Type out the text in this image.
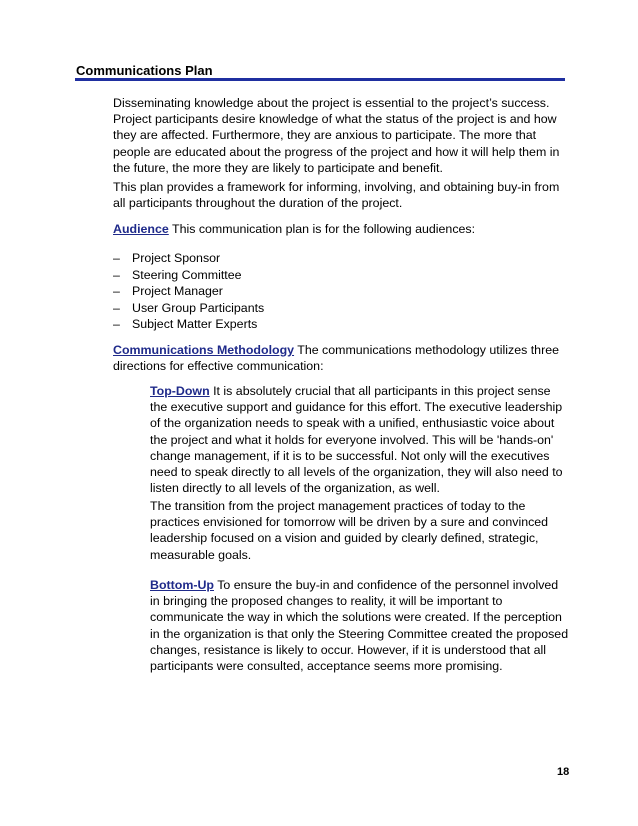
Communications Plan

Disseminating knowledge about the project is essential to the project’s success. Project participants desire knowledge of what the status of the project is and how they are affected. Furthermore, they are anxious to participate. The more that people are educated about the progress of the project and how it will help them in the future, the more they are likely to participate and benefit.

This plan provides a framework for informing, involving, and obtaining buy-in from all participants throughout the duration of the project.

Audience This communication plan is for the following audiences:

– Project Sponsor
– Steering Committee
– Project Manager
– User Group Participants
– Subject Matter Experts

Communications Methodology The communications methodology utilizes three directions for effective communication:

Top-Down It is absolutely crucial that all participants in this project sense the executive support and guidance for this effort. The executive leadership of the organization needs to speak with a unified, enthusiastic voice about the project and what it holds for everyone involved. This will be 'hands-on' change management, if it is to be successful. Not only will the executives need to speak directly to all levels of the organization, they will also need to listen directly to all levels of the organization, as well.

The transition from the project management practices of today to the practices envisioned for tomorrow will be driven by a sure and convinced leadership focused on a vision and guided by clearly defined, strategic, measurable goals.

Bottom-Up To ensure the buy-in and confidence of the personnel involved in bringing the proposed changes to reality, it will be important to communicate the way in which the solutions were created. If the perception in the organization is that only the Steering Committee created the proposed changes, resistance is likely to occur. However, if it is understood that all participants were consulted, acceptance seems more promising.

18
